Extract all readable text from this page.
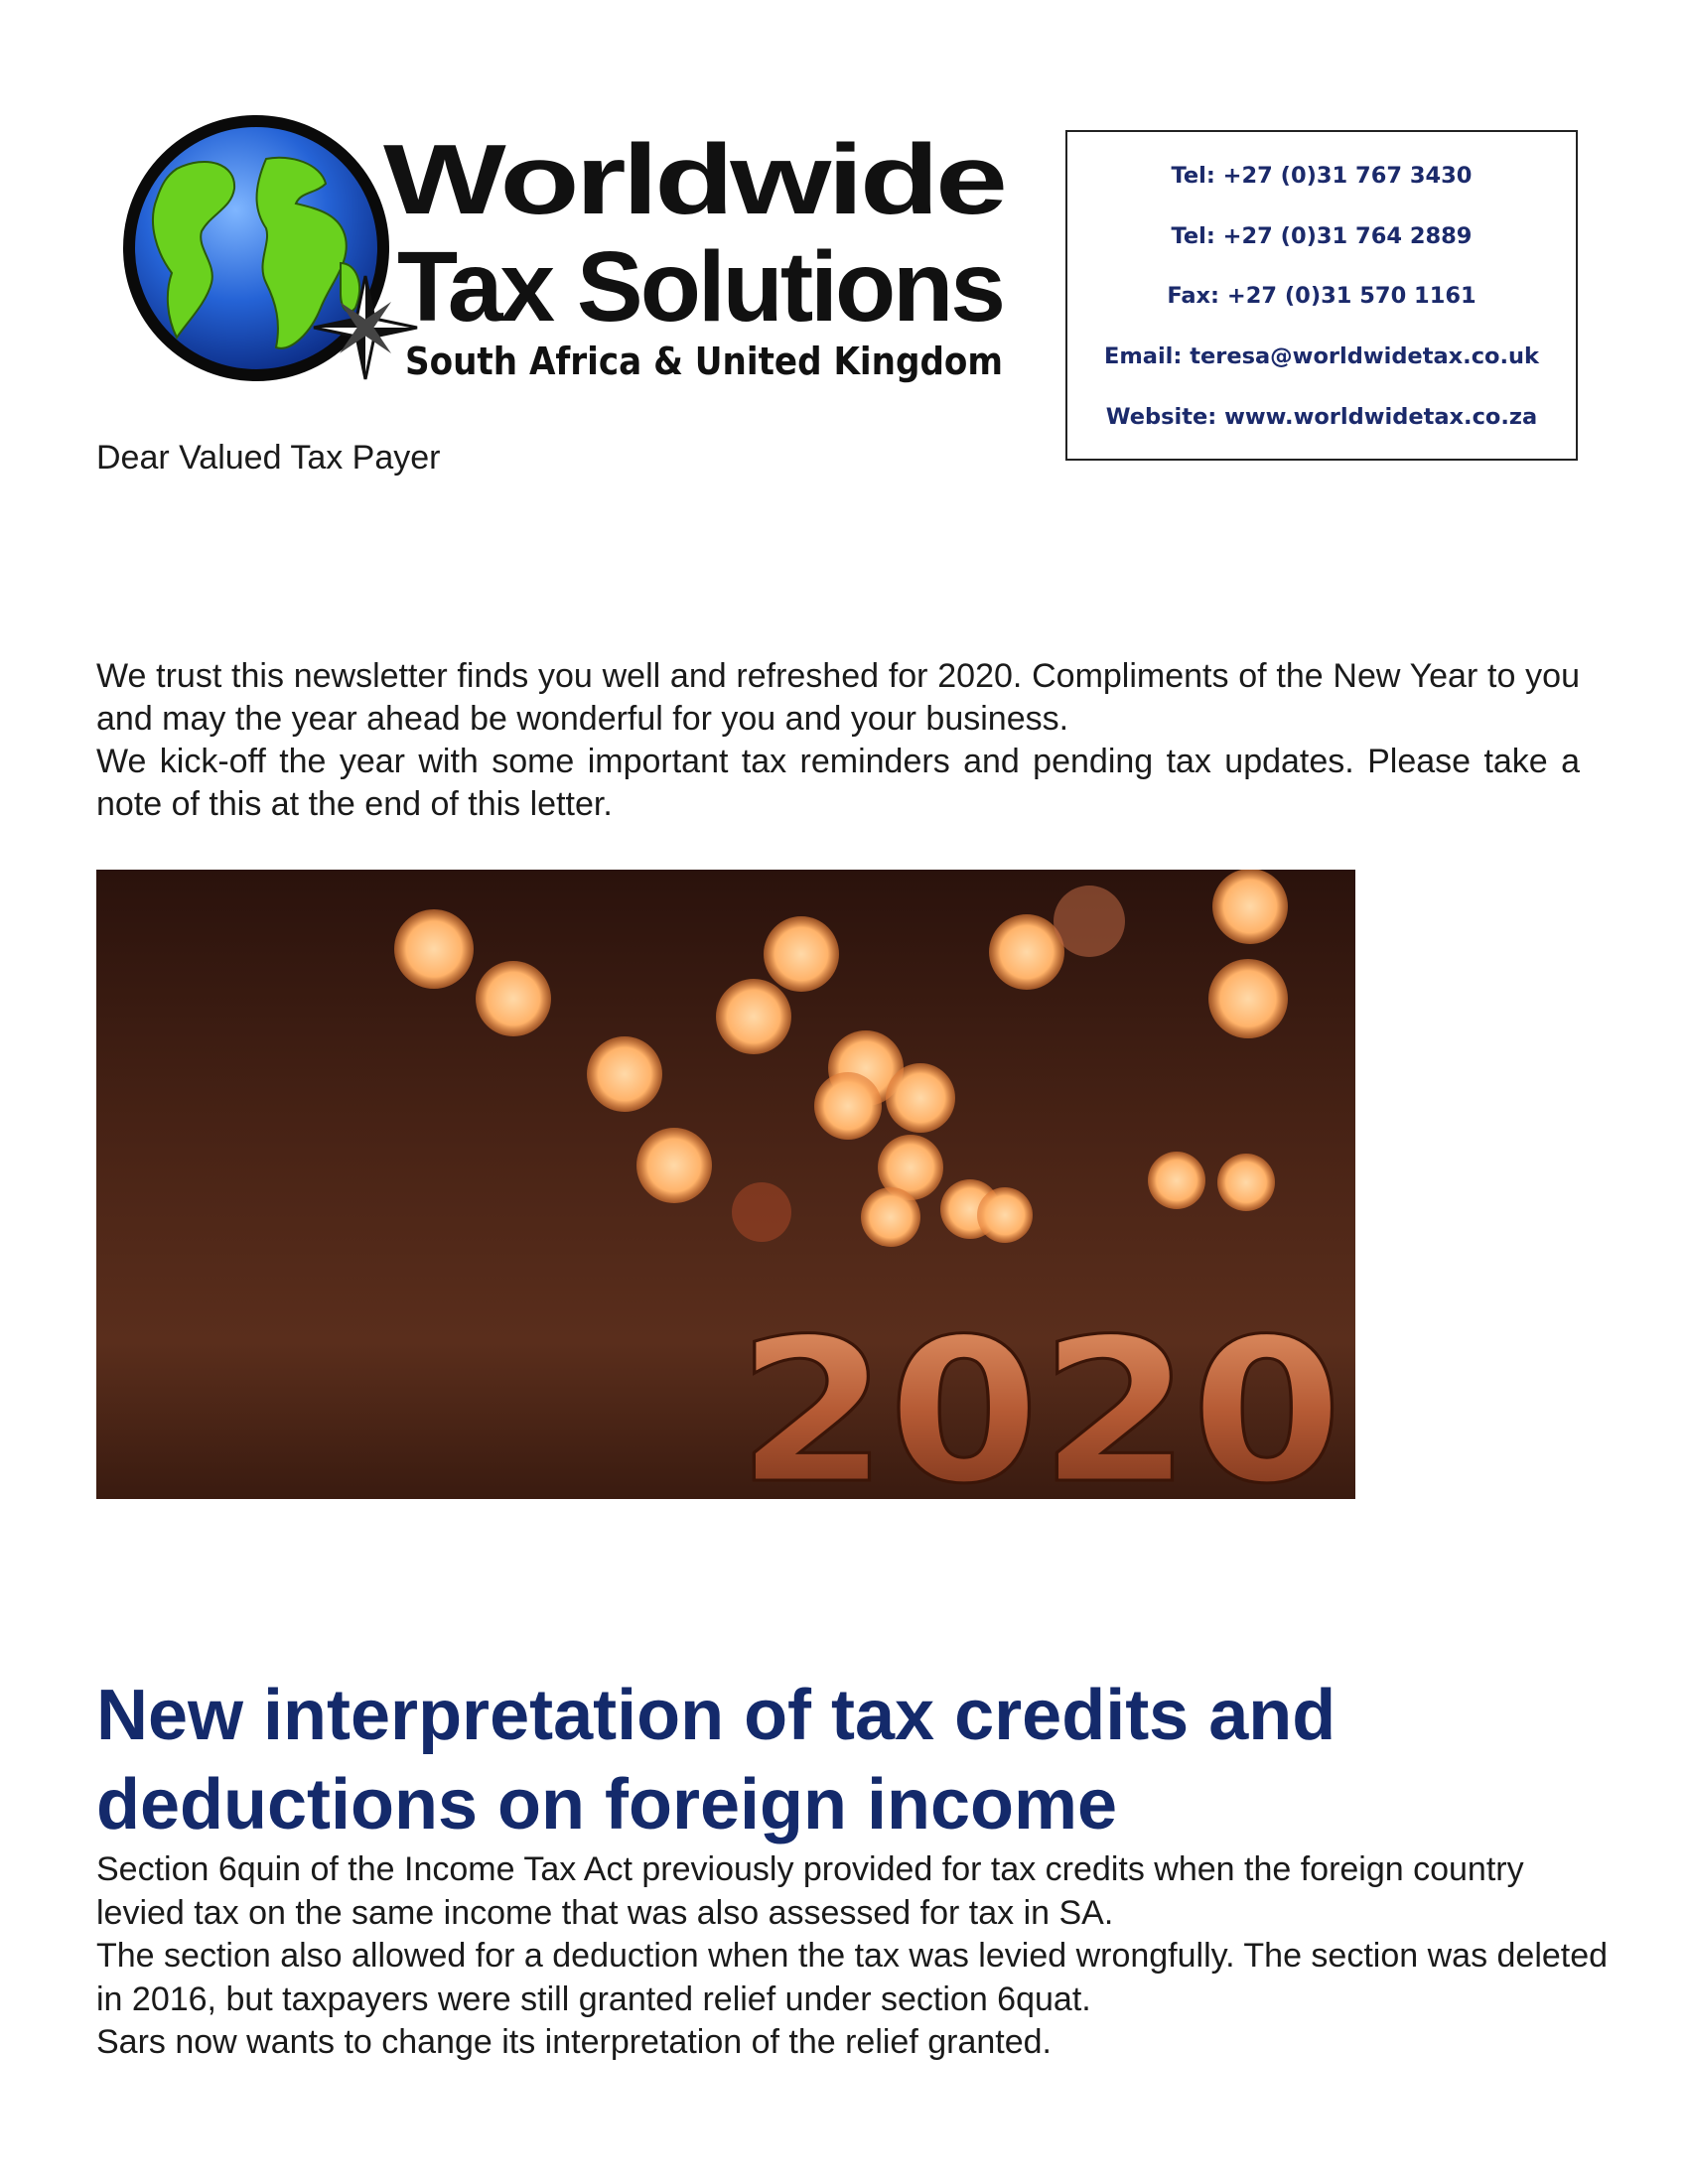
Worldwide
Tax Solutions
South Africa & United Kingdom
Tel: +27 (0)31 767 3430
Tel: +27 (0)31 764 2889
Fax: +27 (0)31 570 1161
Email: teresa@worldwidetax.co.uk
Website: www.worldwidetax.co.za
Dear Valued Tax Payer

We trust this newsletter finds you well and refreshed for 2020. Compliments of the New Year to you and may the year ahead be wonderful for you and your business.

We kick-off the year with some important tax reminders and pending tax updates. Please take a note of this at the end of this letter.

2020
New interpretation of tax credits and deductions on foreign income

Section 6quin of the Income Tax Act previously provided for tax credits when the foreign country levied tax on the same income that was also assessed for tax in SA.

The section also allowed for a deduction when the tax was levied wrongfully. The section was deleted in 2016, but taxpayers were still granted relief under section 6quat.

Sars now wants to change its interpretation of the relief granted.
